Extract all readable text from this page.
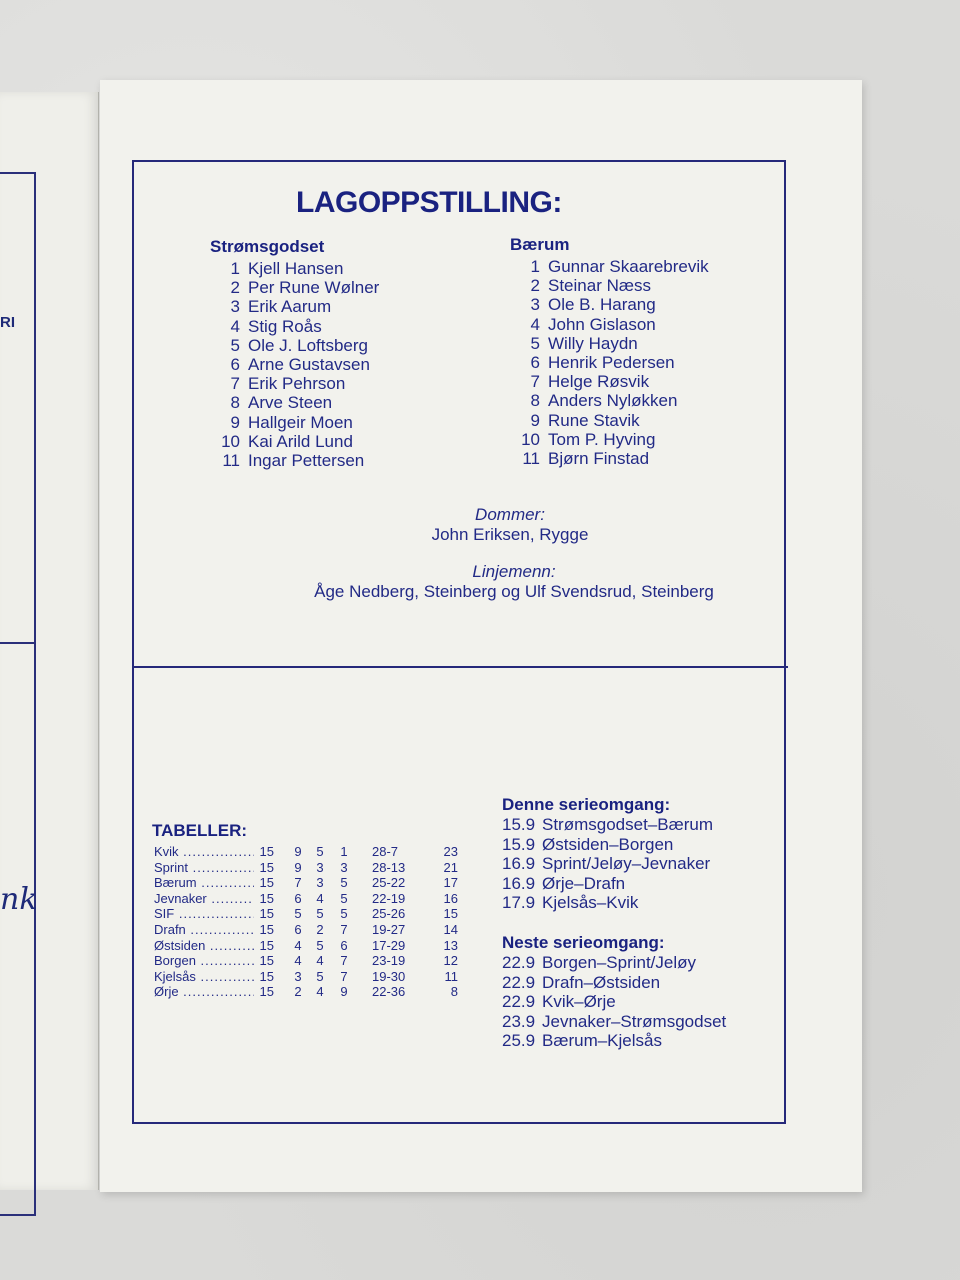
RI
nk
LAGOPPSTILLING:
Strømsgodset
1 Kjell Hansen
2 Per Rune Wølner
3 Erik Aarum
4 Stig Roås
5 Ole J. Loftsberg
6 Arne Gustavsen
7 Erik Pehrson
8 Arve Steen
9 Hallgeir Moen
10 Kai Arild Lund
11 Ingar Pettersen
Bærum
1 Gunnar Skaarebrevik
2 Steinar Næss
3 Ole B. Harang
4 John Gislason
5 Willy Haydn
6 Henrik Pedersen
7 Helge Røsvik
8 Anders Nyløkken
9 Rune Stavik
10 Tom P. Hyving
11 Bjørn Finstad
Dommer:
John Eriksen, Rygge
Linjemenn:
Åge Nedberg, Steinberg og Ulf Svendsrud, Steinberg
TABELLER:
Kvik .....	15 9 5 1 28-7	23
Sprint .....	15 9 3 3 28-13	21
Bærum .....	15 7 3 5 25-22	17
Jevnaker .....	15 6 4 5 22-19	16
SIF .....	15 5 5 5 25-26	15
Drafn .....	15 6 2 7 19-27	14
Østsiden .....	15 4 5 6 17-29	13
Borgen .....	15 4 4 7 23-19	12
Kjelsås .....	15 3 5 7 19-30	11
Ørje .....	15 2 4 9 22-36	8
Denne serieomgang:
15.9 Strømsgodset–Bærum
15.9 Østsiden–Borgen
16.9 Sprint/Jeløy–Jevnaker
16.9 Ørje–Drafn
17.9 Kjelsås–Kvik
Neste serieomgang:
22.9 Borgen–Sprint/Jeløy
22.9 Drafn–Østsiden
22.9 Kvik–Ørje
23.9 Jevnaker–Strømsgodset
25.9 Bærum–Kjelsås
